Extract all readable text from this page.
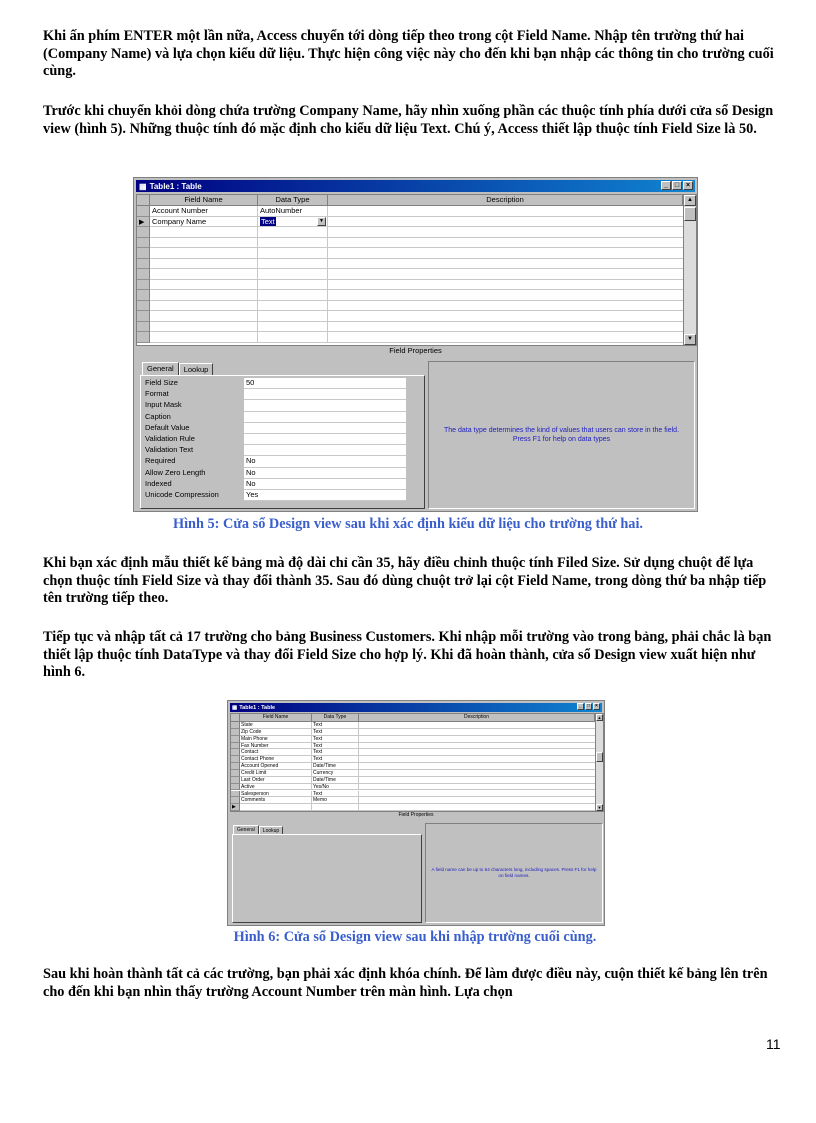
Khi ấn phím ENTER một lần nữa, Access chuyển tới dòng tiếp theo trong cột Field Name. Nhập tên trường thứ hai (Company Name) và lựa chọn kiểu dữ liệu. Thực hiện công việc này cho đến khi bạn nhập các thông tin cho trường cuối cùng.
Trước khi chuyển khỏi dòng chứa trường Company Name, hãy nhìn xuống phần các thuộc tính phía dưới cửa sổ Design view (hình 5). Những thuộc tính đó mặc định cho kiểu dữ liệu Text. Chú ý, Access thiết lập thuộc tính Field Size là 50.
▦ Table1 : Table	_ □ ×
Field Name	Data Type	Description
Account Number	AutoNumber
▶	Company Name	Text	▼
▲
▼
Field Properties
General	Lookup
Field Size	50
Format
Input Mask
Caption
Default Value
Validation Rule
Validation Text
Required	No
Allow Zero Length	No
Indexed	No
Unicode Compression	Yes
The data type determines the kind of values that users can store in the field. Press F1 for help on data types
Hình 5: Cửa sổ Design view sau khi xác định kiểu dữ liệu cho trường thứ hai.
Khi bạn xác định mẫu thiết kế bảng mà độ dài chỉ cần 35, hãy điều chỉnh thuộc tính Filed Size. Sử dụng chuột để lựa chọn thuộc tính Field Size và thay đổi thành 35. Sau đó dùng chuột trở lại cột Field Name, trong dòng thứ ba nhập tiếp tên trường tiếp theo.
Tiếp tục và nhập tất cả 17 trường cho bảng Business Customers. Khi nhập mỗi trường vào trong bảng, phải chắc là bạn thiết lập thuộc tính DataType và thay đổi Field Size cho hợp lý. Khi đã hoàn thành, cửa sổ Design view xuất hiện như hình 6.
▦ Table1 : Table	_	□	×
Field Name	Data Type	Description
State	Text
Zip Code	Text
Main Phone	Text
Fax Number	Text
Contact	Text
Contact Phone	Text
Account Opened	Date/Time
Credit Limit	Currency
Last Order	Date/Time
Active	Yes/No
Salesperson	Text
Comments	Memo
▶
▲
▼
Field Properties
General	Lookup
A field name can be up to 64 characters long, including spaces. Press F1 for help on field names.
Hình 6: Cửa sổ Design view sau khi nhập trường cuối cùng.
Sau khi hoàn thành tất cả các trường, bạn phải xác định khóa chính. Để làm được điều này, cuộn thiết kế bảng lên trên cho đến khi bạn nhìn thấy trường Account Number trên màn hình. Lựa chọn
11
